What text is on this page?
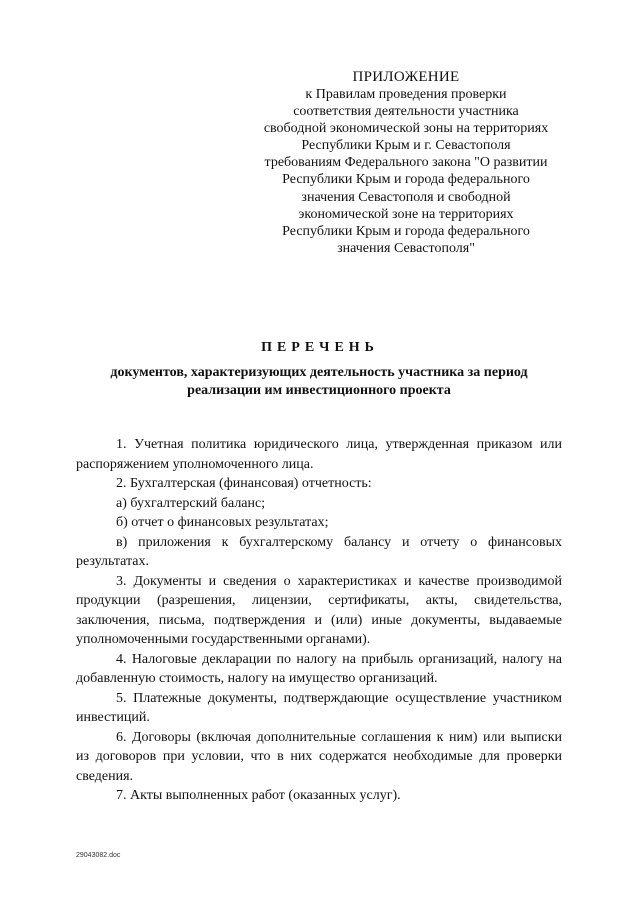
ПРИЛОЖЕНИЕ
к Правилам проведения проверки
соответствия деятельности участника
свободной экономической зоны на территориях
Республики Крым и г. Севастополя
требованиям Федерального закона "О развитии
Республики Крым и города федерального
значения Севастополя и свободной
экономической зоне на территориях
Республики Крым и города федерального
значения Севастополя"
ПЕРЕЧЕНЬ
документов, характеризующих деятельность участника за период
реализации им инвестиционного проекта

1. Учетная политика юридического лица, утвержденная приказом или распоряжением уполномоченного лица.

2. Бухгалтерская (финансовая) отчетность:

а) бухгалтерский баланс;

б) отчет о финансовых результатах;

в) приложения к бухгалтерскому балансу и отчету о финансовых результатах.

3. Документы и сведения о характеристиках и качестве производимой продукции (разрешения, лицензии, сертификаты, акты, свидетельства, заключения, письма, подтверждения и (или) иные документы, выдаваемые уполномоченными государственными органами).

4. Налоговые декларации по налогу на прибыль организаций, налогу на добавленную стоимость, налогу на имущество организаций.

5. Платежные документы, подтверждающие осуществление участником инвестиций.

6. Договоры (включая дополнительные соглашения к ним) или выписки из договоров при условии, что в них содержатся необходимые для проверки сведения.

7. Акты выполненных работ (оказанных услуг).

29043082.doc
